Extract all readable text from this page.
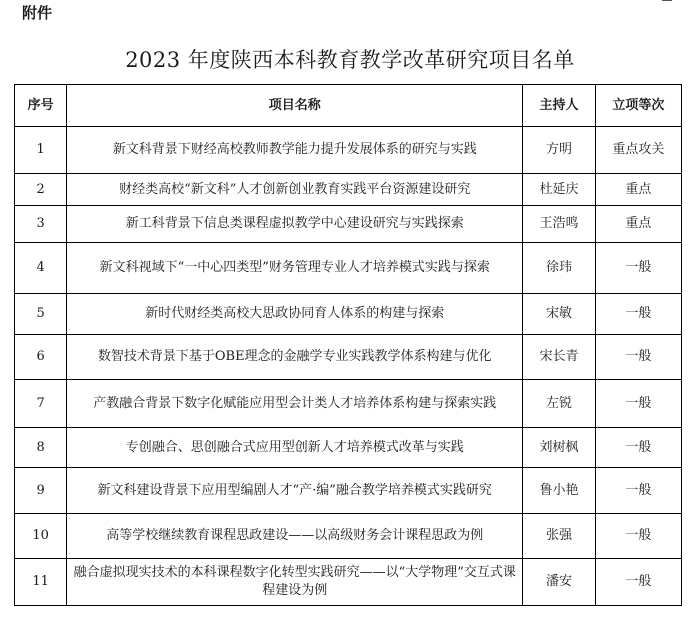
附件
2023 年度陕西本科教育教学改革研究项目名单
序号	项目名称	主持人	立项等次
1	新文科背景下财经高校教师教学能力提升发展体系的研究与实践	方明	重点攻关
2	财经类高校“新文科”人才创新创业教育实践平台资源建设研究	杜延庆	重点
3	新工科背景下信息类课程虚拟教学中心建设研究与实践探索	王浩鸣	重点
4	新文科视域下“一中心四类型”财务管理专业人才培养模式实践与探索	徐玮	一般
5	新时代财经类高校大思政协同育人体系的构建与探索	宋敏	一般
6	数智技术背景下基于OBE理念的金融学专业实践教学体系构建与优化	宋长青	一般
7	产教融合背景下数字化赋能应用型会计类人才培养体系构建与探索实践	左锐	一般
8	专创融合、思创融合式应用型创新人才培养模式改革与实践	刘树枫	一般
9	新文科建设背景下应用型编剧人才“产·编”融合教学培养模式实践研究	鲁小艳	一般
10	高等学校继续教育课程思政建设——以高级财务会计课程思政为例	张强	一般
11	融合虚拟现实技术的本科课程数字化转型实践研究——以“大学物理”交互式课程建设为例	潘安	一般
